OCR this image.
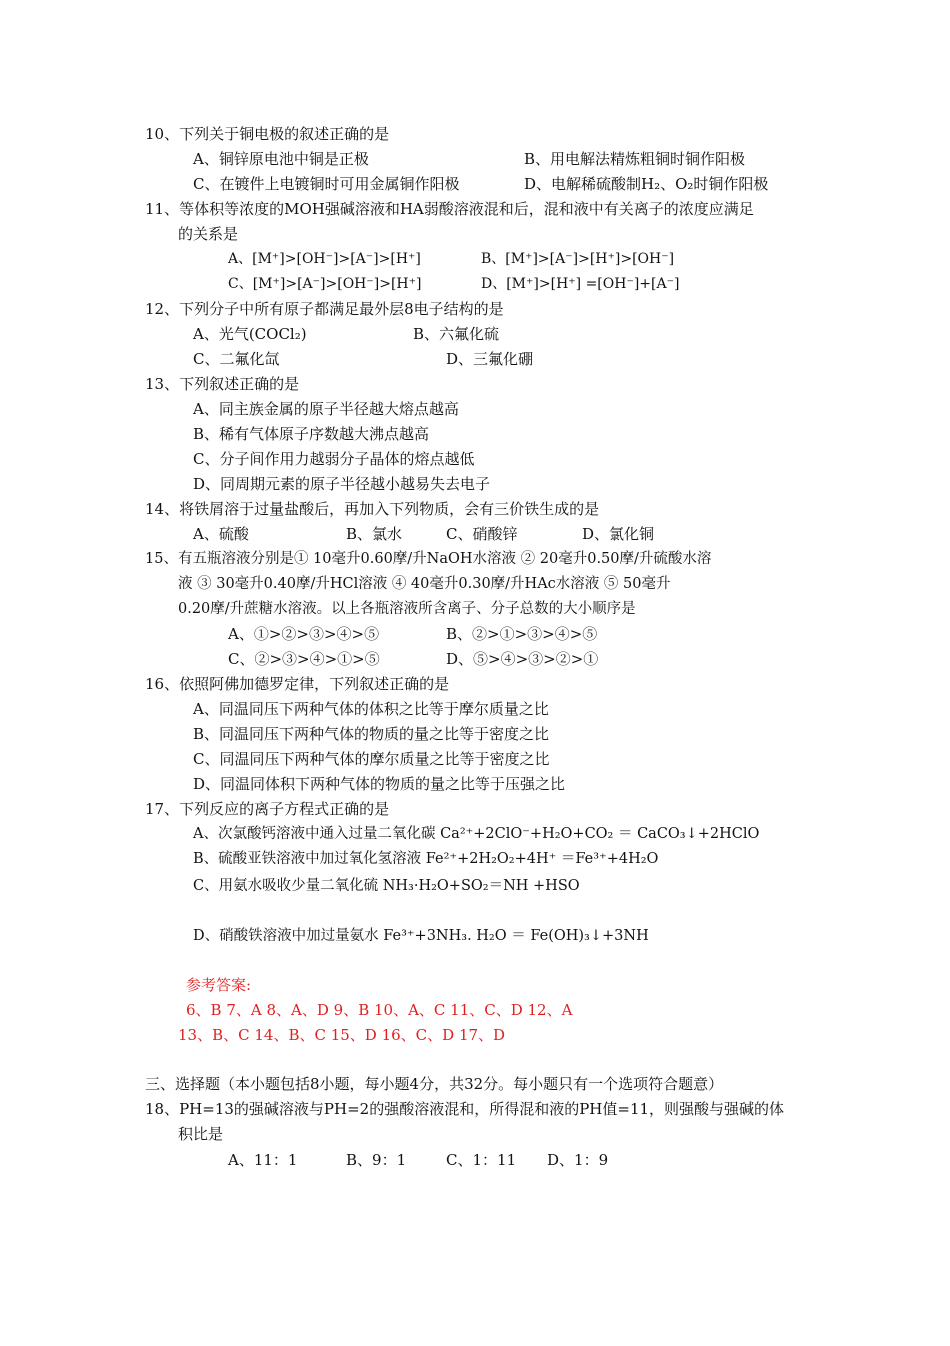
10、下列关于铜电极的叙述正确的是
A、铜锌原电池中铜是正极	B、用电解法精炼粗铜时铜作阳极
C、在镀件上电镀铜时可用金属铜作阳极	D、电解稀硫酸制H₂、O₂时铜作阳极
11、等体积等浓度的MOH强碱溶液和HA弱酸溶液混和后，混和液中有关离子的浓度应满足
的关系是
A、[M⁺]>[OH⁻]>[A⁻]>[H⁺]	B、[M⁺]>[A⁻]>[H⁺]>[OH⁻]
C、[M⁺]>[A⁻]>[OH⁻]>[H⁺]	D、[M⁺]>[H⁺] =[OH⁻]+[A⁻]
12、下列分子中所有原子都满足最外层8电子结构的是
A、光气(COCl₂)	B、六氟化硫
C、二氟化氙	D、三氟化硼
13、下列叙述正确的是
A、同主族金属的原子半径越大熔点越高
B、稀有气体原子序数越大沸点越高
C、分子间作用力越弱分子晶体的熔点越低
D、同周期元素的原子半径越小越易失去电子
14、将铁屑溶于过量盐酸后，再加入下列物质，会有三价铁生成的是
A、硫酸	B、氯水	C、硝酸锌	D、氯化铜
15、有五瓶溶液分别是① 10毫升0.60摩/升NaOH水溶液 ② 20毫升0.50摩/升硫酸水溶
液 ③ 30毫升0.40摩/升HCl溶液 ④ 40毫升0.30摩/升HAc水溶液 ⑤ 50毫升
0.20摩/升蔗糖水溶液。以上各瓶溶液所含离子、分子总数的大小顺序是
A、①>②>③>④>⑤	B、②>①>③>④>⑤
C、②>③>④>①>⑤	D、⑤>④>③>②>①
16、依照阿佛加德罗定律，下列叙述正确的是
A、同温同压下两种气体的体积之比等于摩尔质量之比
B、同温同压下两种气体的物质的量之比等于密度之比
C、同温同压下两种气体的摩尔质量之比等于密度之比
D、同温同体积下两种气体的物质的量之比等于压强之比
17、下列反应的离子方程式正确的是
A、次氯酸钙溶液中通入过量二氧化碳 Ca²⁺+2ClO⁻+H₂O+CO₂ ＝ CaCO₃↓+2HClO
B、硫酸亚铁溶液中加过氧化氢溶液 Fe²⁺+2H₂O₂+4H⁺ ＝Fe³⁺+4H₂O
C、用氨水吸收少量二氧化硫 NH₃·H₂O+SO₂＝NH +HSO
D、硝酸铁溶液中加过量氨水 Fe³⁺+3NH₃. H₂O ＝ Fe(OH)₃↓+3NH
参考答案:
6、B 7、A 8、A、D 9、B 10、A、C 11、C、D 12、A
13、B、C 14、B、C 15、D 16、C、D 17、D
三、选择题（本小题包括8小题，每小题4分，共32分。每小题只有一个选项符合题意）
18、PH=13的强碱溶液与PH=2的强酸溶液混和，所得混和液的PH值=11，则强酸与强碱的体
积比是
A、11：1	B、9：1	C、1：11 D、1：9
